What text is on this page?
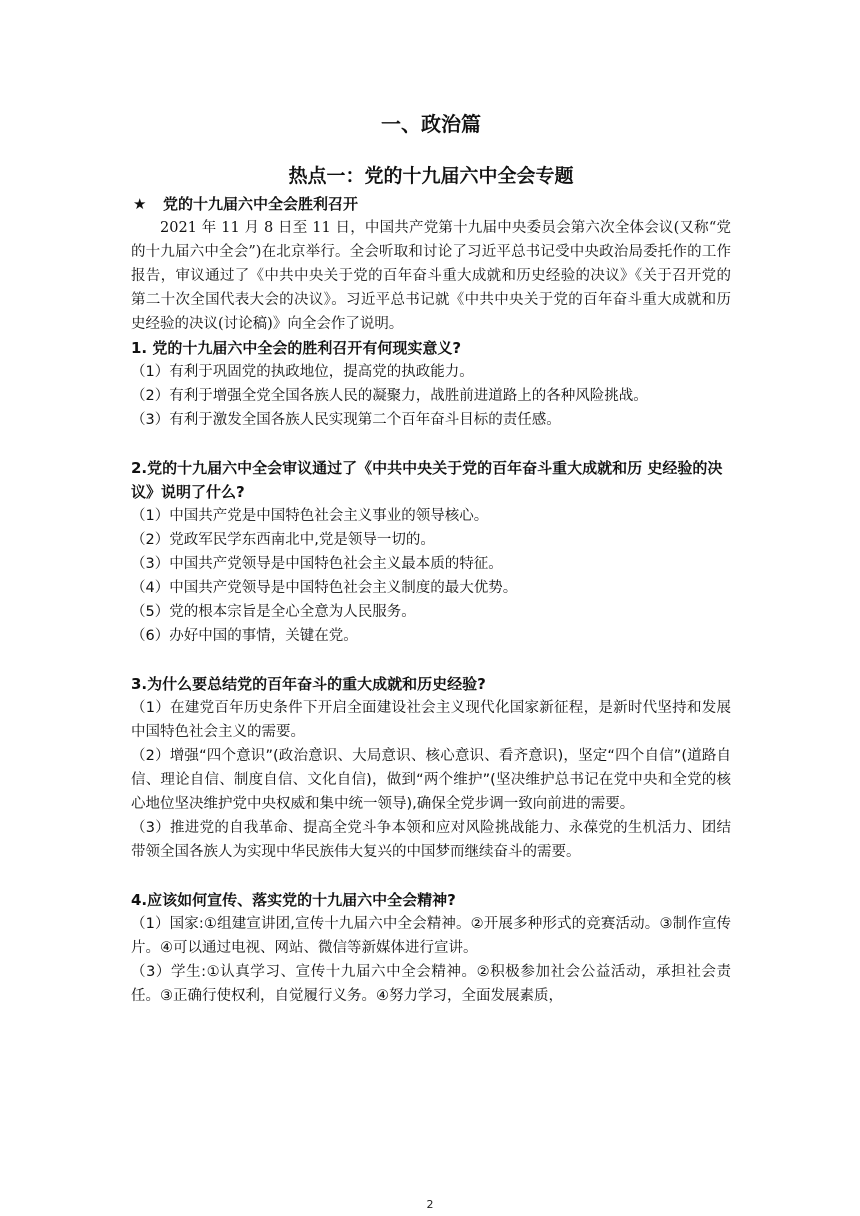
一、政治篇
热点一：党的十九届六中全会专题
★ 党的十九届六中全会胜利召开

2021 年 11 月 8 日至 11 日，中国共产党第十九届中央委员会第六次全体会议(又称“党的十九届六中全会”)在北京举行。全会听取和讨论了习近平总书记受中央政治局委托作的工作报告，审议通过了《中共中央关于党的百年奋斗重大成就和历史经验的决议》《关于召开党的第二十次全国代表大会的决议》。习近平总书记就《中共中央关于党的百年奋斗重大成就和历史经验的决议(讨论稿)》向全会作了说明。

1. 党的十九届六中全会的胜利召开有何现实意义?

（1）有利于巩固党的执政地位，提高党的执政能力。

（2）有利于增强全党全国各族人民的凝聚力，战胜前进道路上的各种风险挑战。

（3）有利于激发全国各族人民实现第二个百年奋斗目标的责任感。

2.党的十九届六中全会审议通过了《中共中央关于党的百年奋斗重大成就和历 史经验的决议》说明了什么?

（1）中国共产党是中国特色社会主义事业的领导核心。

（2）党政军民学东西南北中,党是领导一切的。

（3）中国共产党领导是中国特色社会主义最本质的特征。

（4）中国共产党领导是中国特色社会主义制度的最大优势。

（5）党的根本宗旨是全心全意为人民服务。

（6）办好中国的事情，关键在党。

3.为什么要总结党的百年奋斗的重大成就和历史经验?

（1）在建党百年历史条件下开启全面建设社会主义现代化国家新征程，是新时代坚持和发展中国特色社会主义的需要。

（2）增强“四个意识”(政治意识、大局意识、核心意识、看齐意识)，坚定“四个自信”(道路自信、理论自信、制度自信、文化自信)，做到“两个维护”(坚决维护总书记在党中央和全党的核心地位坚决维护党中央权威和集中统一领导),确保全党步调一致向前进的需要。

（3）推进党的自我革命、提高全党斗争本领和应对风险挑战能力、永葆党的生机活力、团结带领全国各族人为实现中华民族伟大复兴的中国梦而继续奋斗的需要。

4.应该如何宣传、落实党的十九届六中全会精神?

（1）国家:①组建宣讲团,宣传十九届六中全会精神。②开展多种形式的竞赛活动。③制作宣传片。④可以通过电视、网站、微信等新媒体进行宣讲。

（3）学生:①认真学习、宣传十九届六中全会精神。②积极参加社会公益活动，承担社会责任。③正确行使权利，自觉履行义务。④努力学习，全面发展素质，

2
